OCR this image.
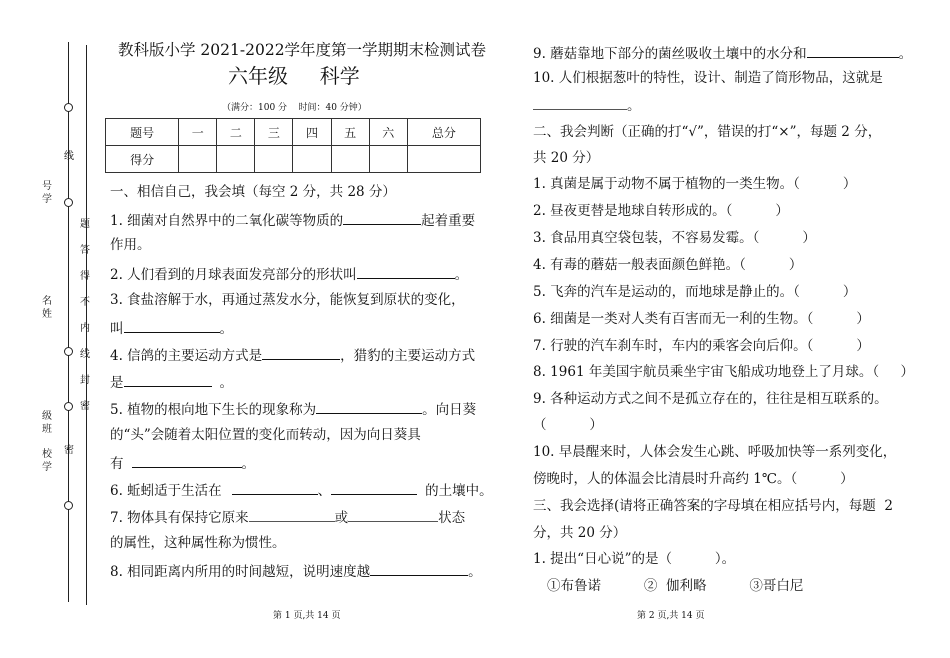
号学
名姓
级班
校学
线
题
答
得
不
内
线
封
密
密
教科版小学 2021-2022学年度第一学期期末检测试卷
六年级     科学
（满分：100 分    时间：40 分钟）
题号	一	二	三	四	五	六	总分
得分							
一、相信自己，我会填（每空 2 分，共 28 分）
1. 细菌对自然界中的二氧化碳等物质的	起着重要
作用。
2. 人们看到的月球表面发亮部分的形状叫	。
3. 食盐溶解于水，再通过蒸发水分，能恢复到原状的变化，
叫	。
4. 信鸽的主要运动方式是	，猎豹的主要运动方式
是	。
5. 植物的根向地下生长的现象称为	。向日葵
的“头”会随着太阳位置的变化而转动，因为向日葵具
有	。
6. 蚯蚓适于生活在	、	的土壤中。
7. 物体具有保持它原来	或	状态
的属性，这种属性称为惯性。
8. 相同距离内所用的时间越短，说明速度越	。
9. 蘑菇靠地下部分的菌丝吸收土壤中的水分和	。
10. 人们根据葱叶的特性，设计、制造了筒形物品，这就是
。
二、我会判断（正确的打“√”，错误的打“×”，每题 2 分，
共 20 分）
1. 真菌是属于动物不属于植物的一类生物。（          ）
2. 昼夜更替是地球自转形成的。（          ）
3. 食品用真空袋包装，不容易发霉。（          ）
4. 有毒的蘑菇一般表面颜色鲜艳。（          ）
5. 飞奔的汽车是运动的，而地球是静止的。（          ）
6. 细菌是一类对人类有百害而无一利的生物。（          ）
7. 行驶的汽车刹车时，车内的乘客会向后仰。（          ）
8. 1961 年美国宇航员乘坐宇宙飞船成功地登上了月球。（     ）
9. 各种运动方式之间不是孤立存在的，往往是相互联系的。
（          ）
10. 早晨醒来时，人体会发生心跳、呼吸加快等一系列变化，
傍晚时，人的体温会比清晨时升高约 1℃。（          ）
三、我会选择(请将正确答案的字母填在相应括号内，每题  2
分，共 20 分）
1. 提出“日心说”的是（          ）。
①布鲁诺          ②  伽利略          ③哥白尼
第 1 页,共 14 页	第 2 页,共 14 页
